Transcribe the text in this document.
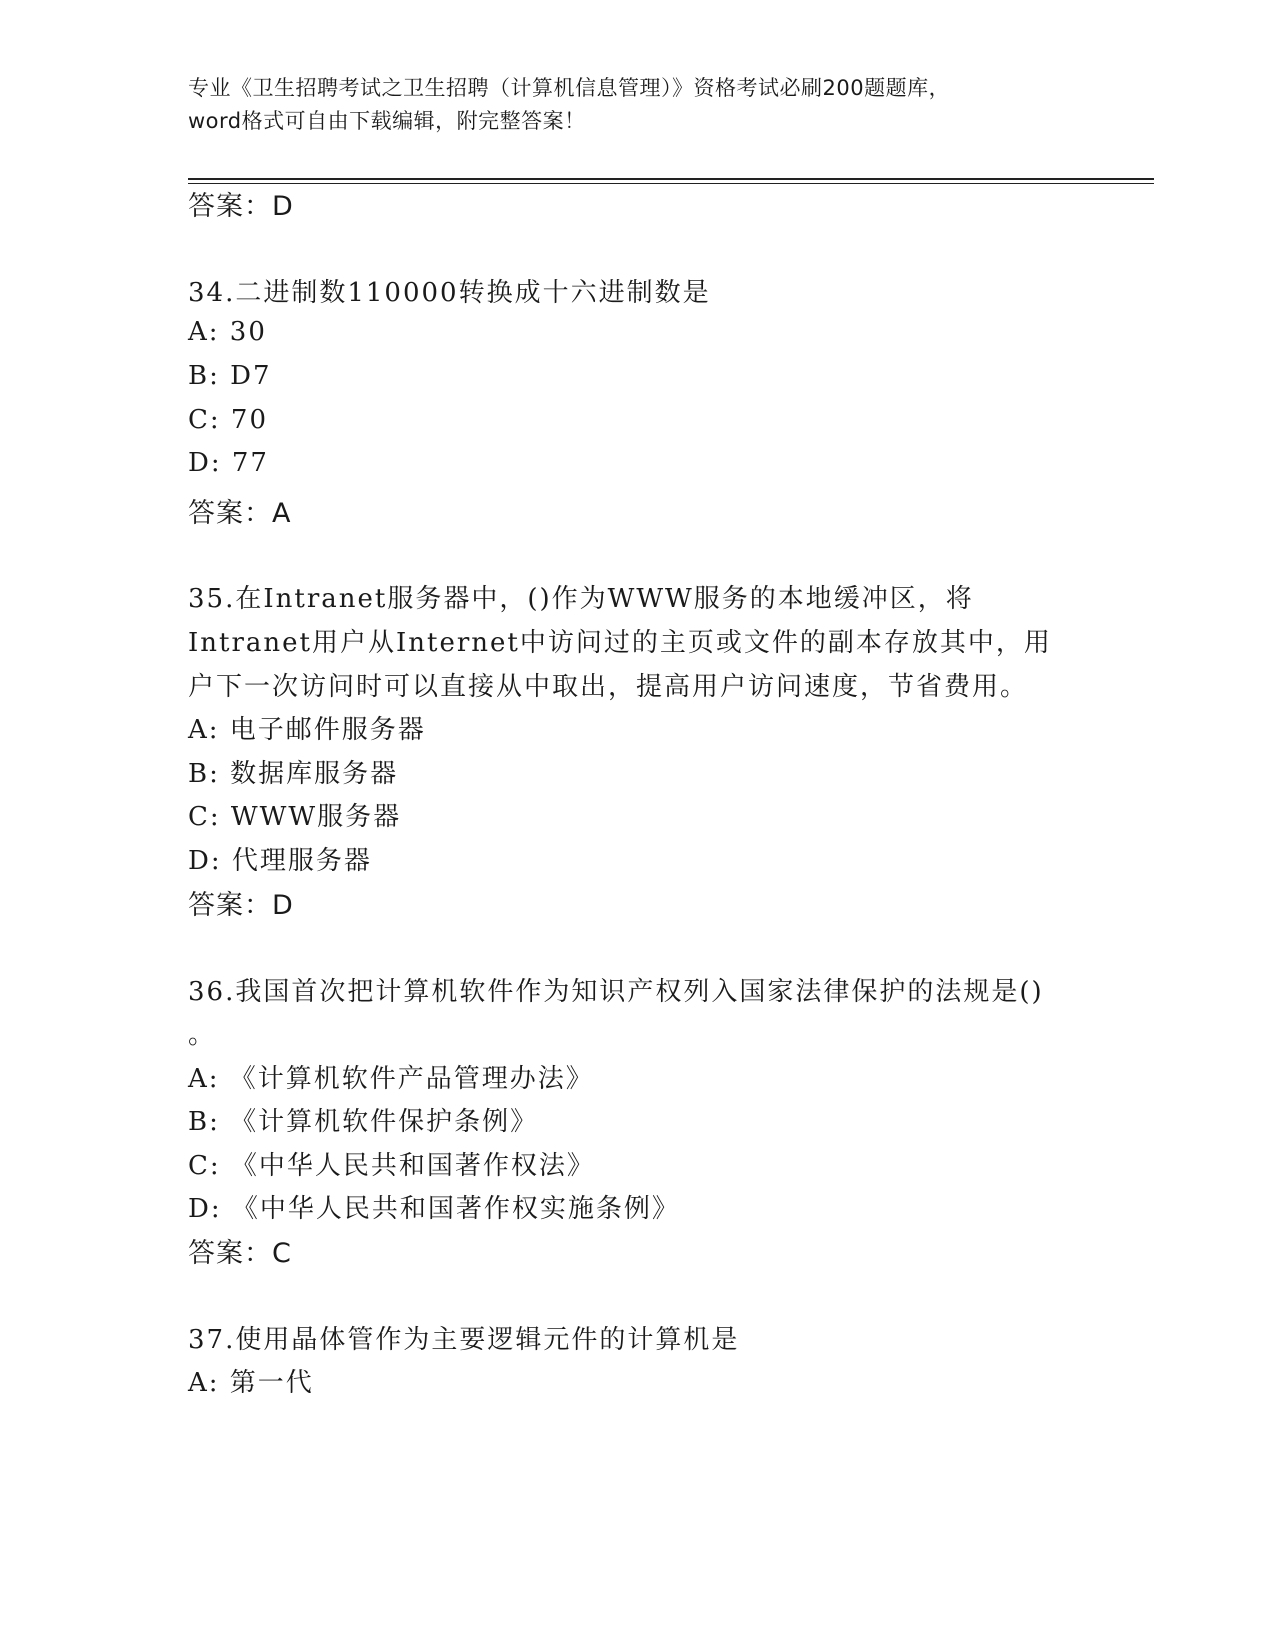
专业《卫生招聘考试之卫生招聘（计算机信息管理）》资格考试必刷200题题库，
word格式可自由下载编辑，附完整答案！
答案：D
34.二进制数110000转换成十六进制数是
A: 30
B: D7
C: 70
D: 77
答案：A
35.在Intranet服务器中，()作为WWW服务的本地缓冲区，将
Intranet用户从Internet中访问过的主页或文件的副本存放其中，用
户下一次访问时可以直接从中取出，提高用户访问速度，节省费用。
A: 电子邮件服务器
B: 数据库服务器
C: WWW服务器
D: 代理服务器
答案：D
36.我国首次把计算机软件作为知识产权列入国家法律保护的法规是()
。
A: 《计算机软件产品管理办法》
B: 《计算机软件保护条例》
C: 《中华人民共和国著作权法》
D: 《中华人民共和国著作权实施条例》
答案：C
37.使用晶体管作为主要逻辑元件的计算机是
A: 第一代
